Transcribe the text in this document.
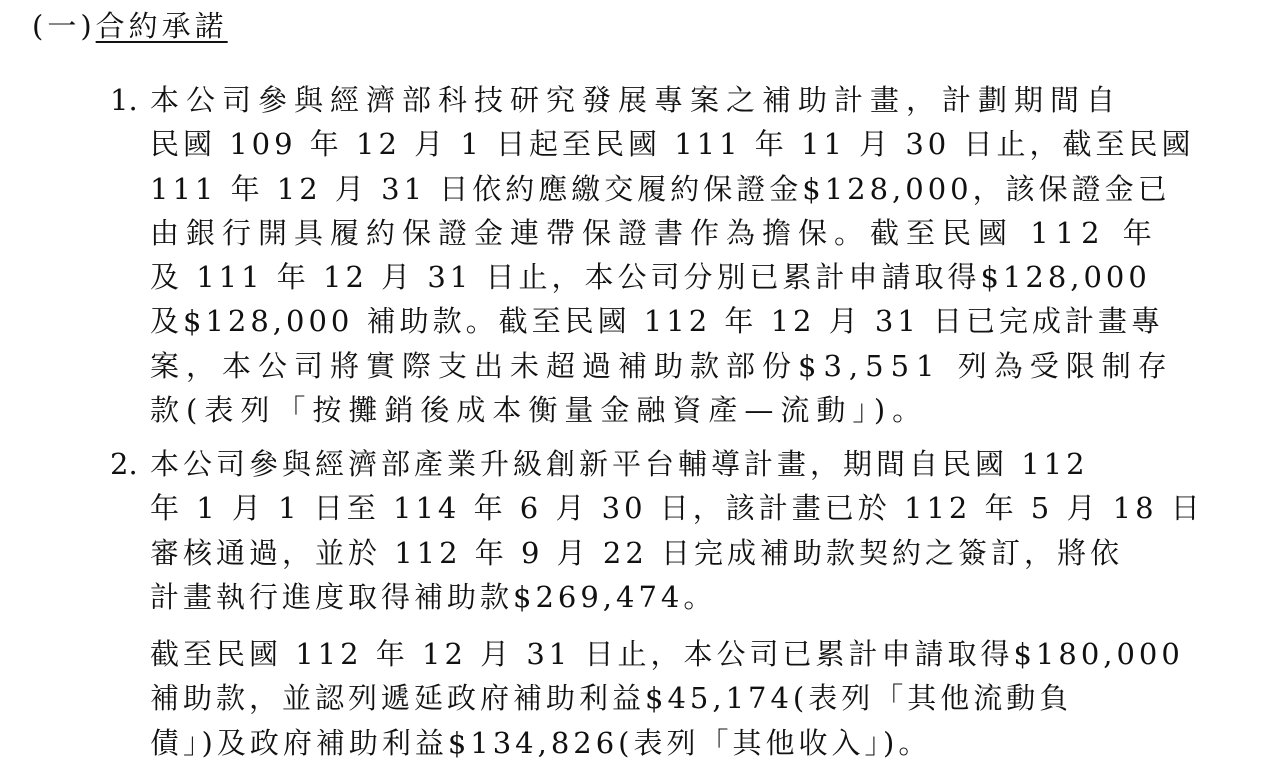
(一)合約承諾
1. 本公司參與經濟部科技研究發展專案之補助計畫，計劃期間自
民國 109 年 12 月 1 日起至民國 111 年 11 月 30 日止，截至民國
111 年 12 月 31 日依約應繳交履約保證金$128,000，該保證金已
由銀行開具履約保證金連帶保證書作為擔保。截至民國 112 年
及 111 年 12 月 31 日止，本公司分別已累計申請取得$128,000
及$128,000 補助款。截至民國 112 年 12 月 31 日已完成計畫專
案，本公司將實際支出未超過補助款部份$3,551 列為受限制存
款(表列「按攤銷後成本衡量金融資產—流動」)。
2. 本公司參與經濟部產業升級創新平台輔導計畫，期間自民國 112
年 1 月 1 日至 114 年 6 月 30 日，該計畫已於 112 年 5 月 18 日
審核通過，並於 112 年 9 月 22 日完成補助款契約之簽訂，將依
計畫執行進度取得補助款$269,474。
截至民國 112 年 12 月 31 日止，本公司已累計申請取得$180,000
補助款，並認列遞延政府補助利益$45,174(表列「其他流動負
債」)及政府補助利益$134,826(表列「其他收入」)。
